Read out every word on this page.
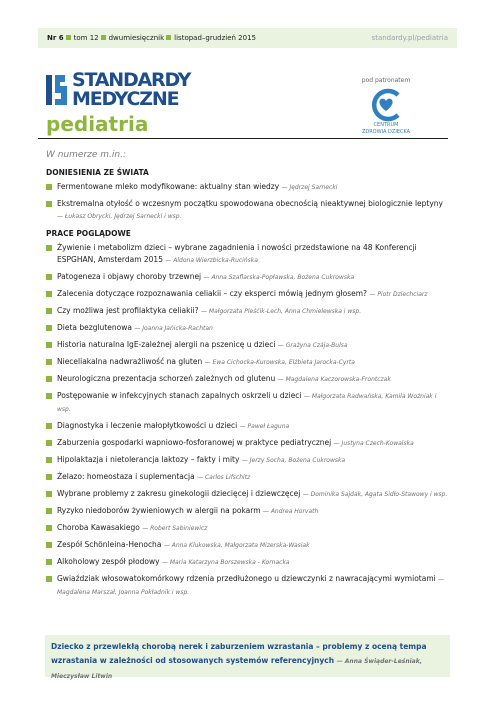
Nr 6 tom 12 dwumiesięcznik listopad–grudzień 2015	standardy.pl/pediatria
STANDARDY
MEDYCZNE
pediatria
pod patronatem
CENTRUM
ZDROWIA DZIECKA
W numerze m.in.:
DONIESIENIA ZE ŚWIATA
Fermentowane mleko modyfikowane: aktualny stan wiedzy — Jędrzej Sarnecki
Ekstremalna otyłość o wczesnym początku spowodowana obecnością nieaktywnej biologicznie leptyny — Łukasz Obrycki, Jędrzej Sarnecki i wsp.
PRACE POGLĄDOWE
Żywienie i metabolizm dzieci – wybrane zagadnienia i nowości przedstawione na 48 Konferencji ESPGHAN, Amsterdam 2015 — Aldona Wierzbicka-Rucińska
Patogeneza i objawy choroby trzewnej — Anna Szaflarska-Popławska, Bożena Cukrowska
Zalecenia dotyczące rozpoznawania celiakii – czy eksperci mówią jednym głosem? — Piotr Dziechciarz
Czy możliwa jest profilaktyka celiakii? — Małgorzata Pleśćik-Lech, Anna Chmielewska i wsp.
Dieta bezglutenowa — Joanna Jańicka-Rachtan
Historia naturalna IgE-zależnej alergii na pszenicę u dzieci — Grażyna Czája-Bulsa
Nieceliakalna nadwrażliwość na gluten — Ewa Cichocka-Kurowska, Elżbieta Jarocka-Cyrta
Neurologiczna prezentacja schorzeń zależnych od glutenu — Magdalena Kaczorowska-Frontczak
Postępowanie w infekcyjnych stanach zapalnych oskrzeli u dzieci — Małgorzata Radwańska, Kamila Woźniak i wsp.
Diagnostyka i leczenie małopłytkowości u dzieci — Paweł Łaguna
Zaburzenia gospodarki wapniowo-fosforanowej w praktyce pediatrycznej — Justyna Czech-Kowalska
Hipolaktazja i nietolerancja laktozy – fakty i mity — Jerzy Socha, Bożena Cukrowska
Żelazo: homeostaza i suplementacja — Carlos Lifschitz
Wybrane problemy z zakresu ginekologii dziecięcej i dziewczęcej — Dominika Sajdak, Agata Sidło-Stawowy i wsp.
Ryzyko niedoborów żywieniowych w alergii na pokarm — Andrea Horvath
Choroba Kawasakiego — Robert Sabiniewicz
Zespół Schönleina-Henocha — Anna Klukowska, Małgorzata Mizerska-Wasiak
Alkoholowy zespół płodowy — Maria Katarzyna Borszewska - Kornacka
Gwiaździak włosowatokomórkowy rdzenia przedłużonego u dziewczynki z nawracającymi wymiotami — Magdalena Marszał, Joanna Pokładnik i wsp.
Dziecko z przewlekłą chorobą nerek i zaburzeniem wzrastania – problemy z oceną tempa wzrastania w zależności od stosowanych systemów referencyjnych — Anna Świąder-Leśniak, Mieczysław Litwin
